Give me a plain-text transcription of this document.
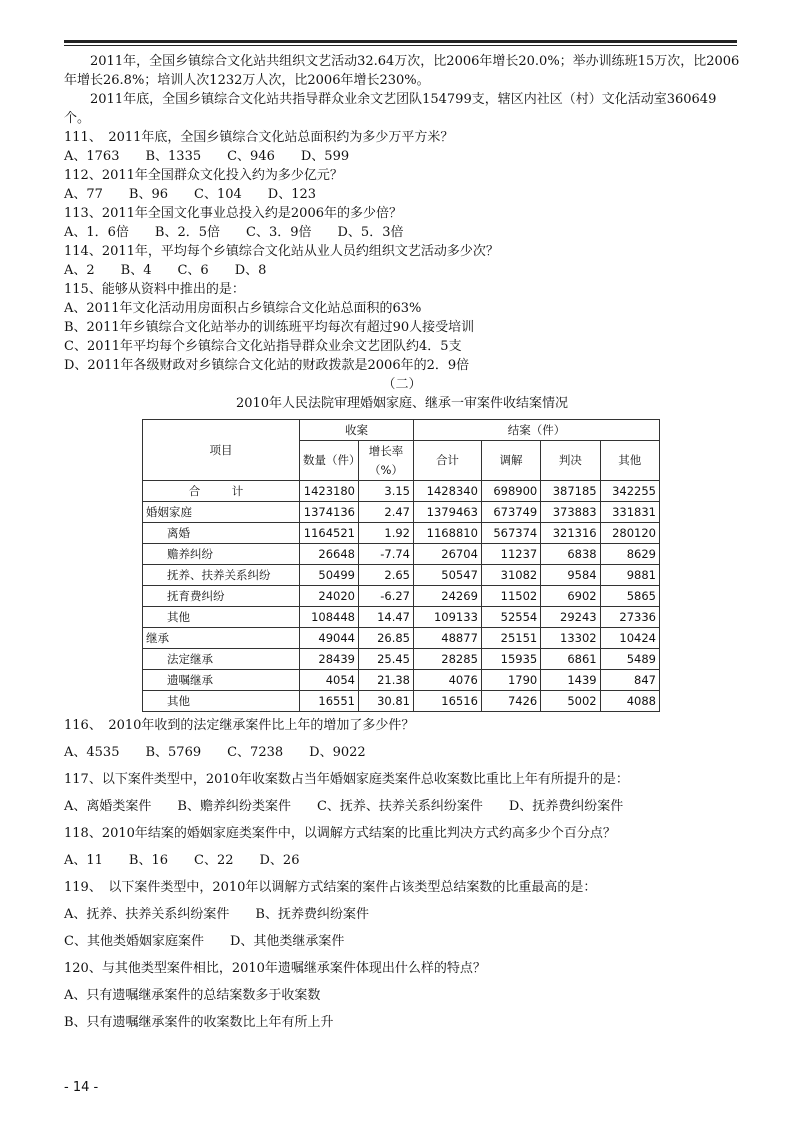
2011年，全国乡镇综合文化站共组织文艺活动32.64万次，比2006年增长20.0%；举办训练班15万次，比2006年增长26.8%；培训人次1232万人次，比2006年增长230%。

2011年底，全国乡镇综合文化站共指导群众业余文艺团队154799支，辖区内社区（村）文化活动室360649个。

111、　2011年底，全国乡镇综合文化站总面积约为多少万平方米？

A、1763　　B、1335　　C、946　　D、599

112、2011年全国群众文化投入约为多少亿元？

A、77　　B、96　　C、104　　D、123

113、2011年全国文化事业总投入约是2006年的多少倍？

A、1．6倍　　B、2．5倍　　C、3．9倍　　D、5．3倍

114、2011年，平均每个乡镇综合文化站从业人员约组织文艺活动多少次？

A、2　　B、4　　C、6　　D、8

115、能够从资料中推出的是：

A、2011年文化活动用房面积占乡镇综合文化站总面积的63%

B、2011年乡镇综合文化站举办的训练班平均每次有超过90人接受培训

C、2011年平均每个乡镇综合文化站指导群众业余文艺团队约4．5支

D、2011年各级财政对乡镇综合文化站的财政拨款是2006年的2．9倍

（二）

2010年人民法院审理婚姻家庭、继承一审案件收结案情况

项目	收案		结案（件）			
	数量（件）	增长率（%）	合计	调解	判决	其他
合　计	1423180	3.15	1428340	698900	387185	342255
婚姻家庭	1374136	2.47	1379463	673749	373883	331831
离婚	1164521	1.92	1168810	567374	321316	280120
赡养纠纷	26648	-7.74	26704	11237	6838	8629
抚养、扶养关系纠纷	50499	2.65	50547	31082	9584	9881
抚育费纠纷	24020	-6.27	24269	11502	6902	5865
其他	108448	14.47	109133	52554	29243	27336
继承	49044	26.85	48877	25151	13302	10424
法定继承	28439	25.45	28285	15935	6861	5489
遗嘱继承	4054	21.38	4076	1790	1439	847
其他	16551	30.81	16516	7426	5002	4088

116、　2010年收到的法定继承案件比上年的增加了多少件？

A、4535　　B、5769　　C、7238　　D、9022

117、以下案件类型中，2010年收案数占当年婚姻家庭类案件总收案数比重比上年有所提升的是：

A、离婚类案件　　B、赡养纠纷类案件　　C、抚养、扶养关系纠纷案件　　D、抚养费纠纷案件

118、2010年结案的婚姻家庭类案件中，以调解方式结案的比重比判决方式约高多少个百分点？

A、11　　B、16　　C、22　　D、26

119、　以下案件类型中，2010年以调解方式结案的案件占该类型总结案数的比重最高的是：

A、抚养、扶养关系纠纷案件　　B、抚养费纠纷案件

C、其他类婚姻家庭案件　　D、其他类继承案件

120、与其他类型案件相比，2010年遗嘱继承案件体现出什么样的特点？

A、只有遗嘱继承案件的总结案数多于收案数

B、只有遗嘱继承案件的收案数比上年有所上升

- 14 -
